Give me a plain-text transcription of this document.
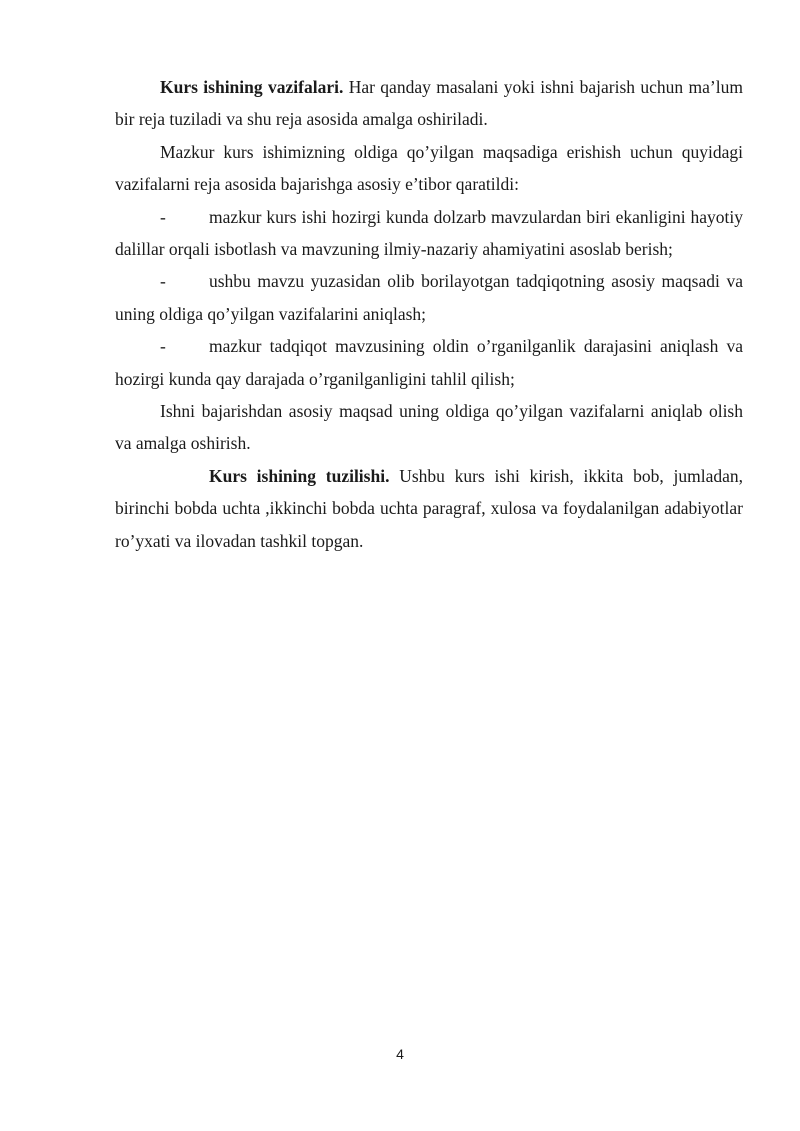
Kurs ishining vazifalari. Har qanday masalani yoki ishni bajarish uchun ma’lum bir reja tuziladi va shu reja asosida amalga oshiriladi.

Mazkur kurs ishimizning oldiga qo’yilgan maqsadiga erishish uchun quyidagi vazifalarni reja asosida bajarishga asosiy e’tibor qaratildi:

- mazkur kurs ishi hozirgi kunda dolzarb mavzulardan biri ekanligini hayotiy dalillar orqali isbotlash va mavzuning ilmiy-nazariy ahamiyatini asoslab berish;

- ushbu mavzu yuzasidan olib borilayotgan tadqiqotning asosiy maqsadi va uning oldiga qo’yilgan vazifalarini aniqlash;

- mazkur tadqiqot mavzusining oldin o’rganilganlik darajasini aniqlash va hozirgi kunda qay darajada o’rganilganligini tahlil qilish;

Ishni bajarishdan asosiy maqsad uning oldiga qo’yilgan vazifalarni aniqlab olish va amalga oshirish.

Kurs ishining tuzilishi. Ushbu kurs ishi kirish, ikkita bob, jumladan, birinchi bobda uchta ,ikkinchi bobda uchta paragraf, xulosa va foydalanilgan adabiyotlar ro’yxati va ilovadan tashkil topgan.

4
